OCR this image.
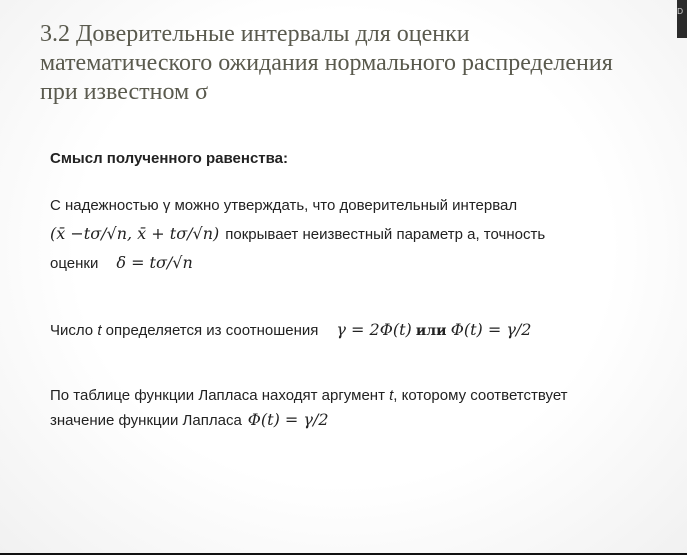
D
3.2 Доверительные интервалы для оценки
математического ожидания нормального распределения
при известном σ
Смысл полученного равенства:
С надежностью γ можно утверждать, что доверительный интервал
(x̄ −tσ/√n, x̄ + tσ/√n) покрывает неизвестный параметр a, точность
оценки δ = tσ/√n
Число t определяется из соотношения γ = 2Φ(t) или Φ(t) = γ/2
По таблице функции Лапласа находят аргумент t, которому соответствует
значение функции Лапласа Φ(t) = γ/2
